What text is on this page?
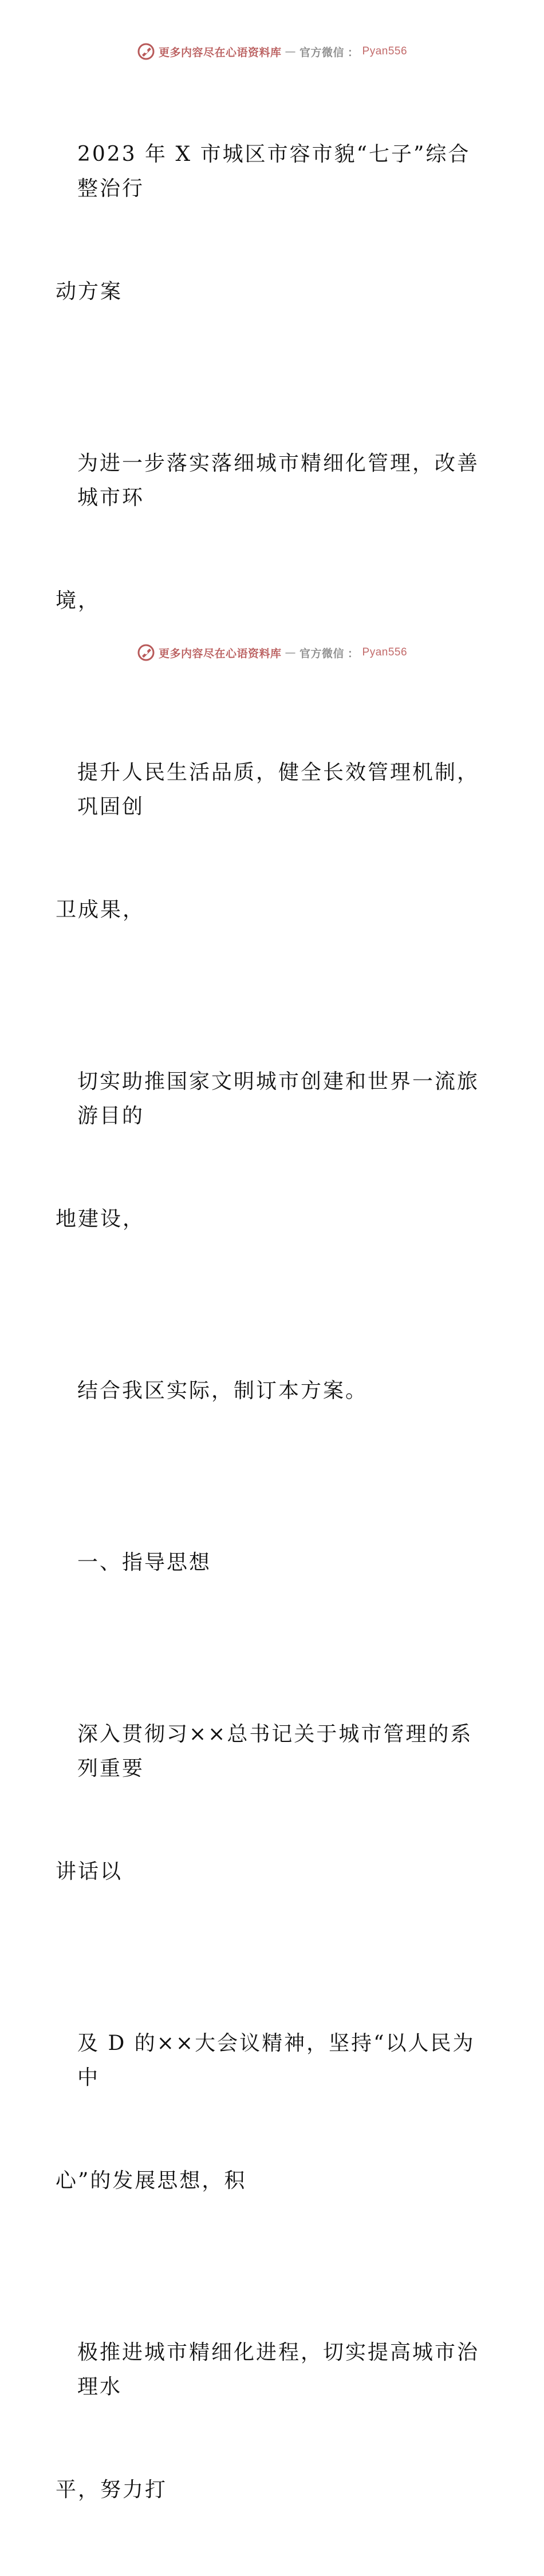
更多内容尽在心语资料库 — 官方微信 ： Pyan556

2023 年 X 市城区市容市貌“七子”综合整治行

动方案

为进一步落实落细城市精细化管理，改善城市环

境，

提升人民生活品质，健全长效管理机制，巩固创

卫成果，

切实助推国家文明城市创建和世界一流旅游目的

地建设，

结合我区实际，制订本方案。

一、指导思想

深入贯彻习××总书记关于城市管理的系列重要

讲话以

及 D 的××大会议精神，坚持“以人民为中

心”的发展思想，积

极推进城市精细化进程，切实提高城市治理水

平，努力打

更多内容尽在心语资料库 — 官方微信 ： Pyan556
